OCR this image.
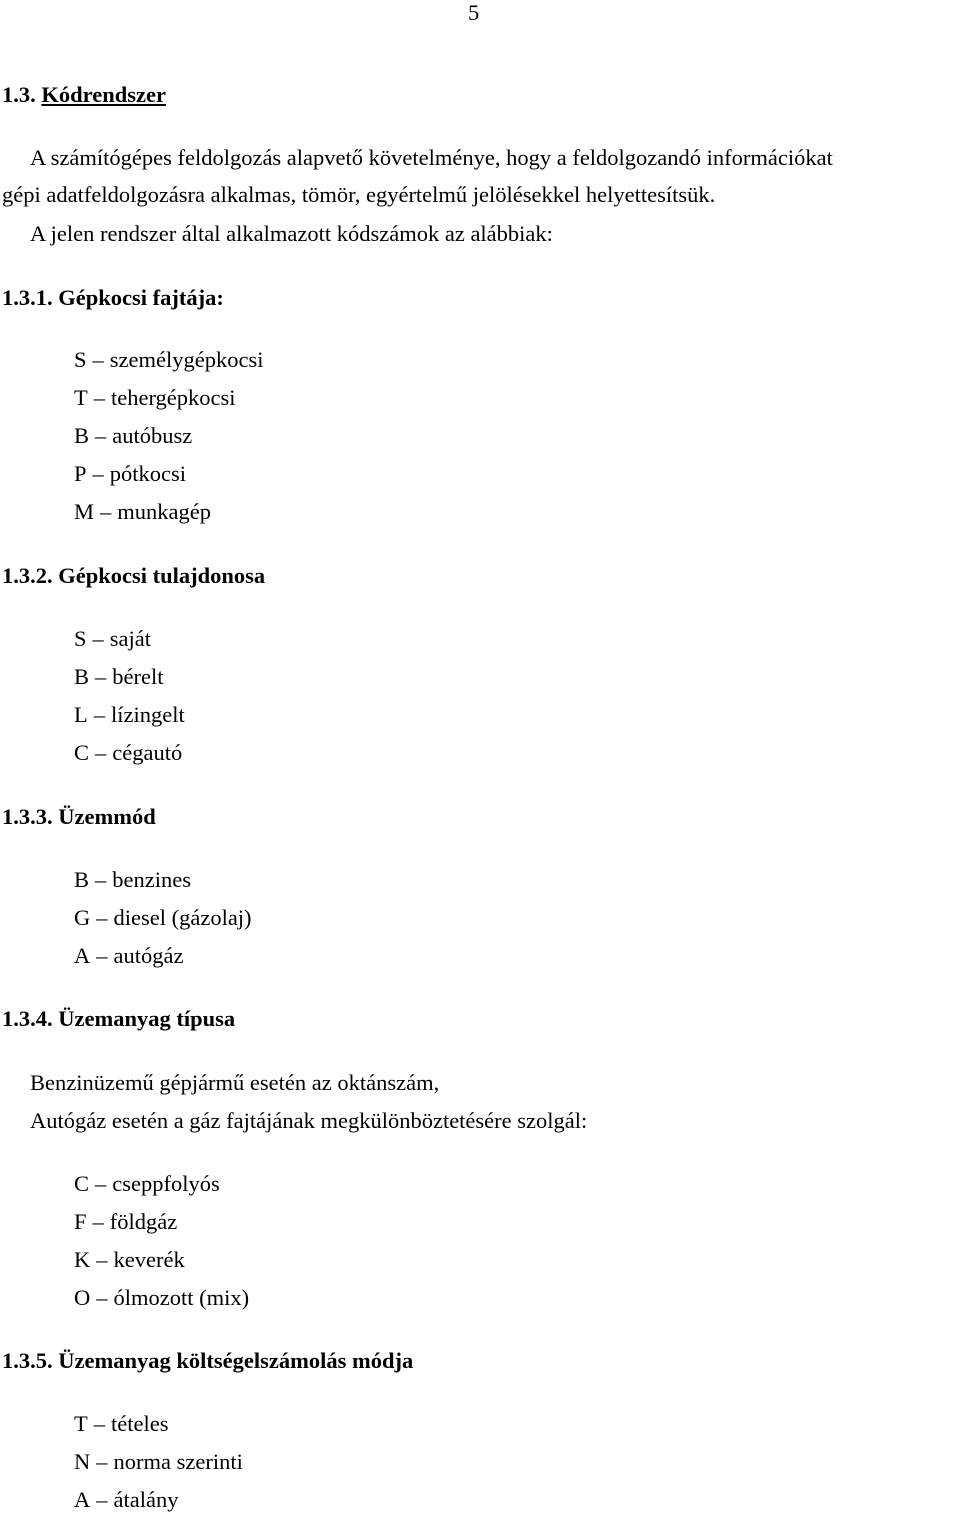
5
1.3. Kódrendszer
A számítógépes feldolgozás alapvető követelménye, hogy a feldolgozandó információkat
gépi adatfeldolgozásra alkalmas, tömör, egyértelmű jelölésekkel helyettesítsük.
A jelen rendszer által alkalmazott kódszámok az alábbiak:
1.3.1. Gépkocsi fajtája:
S – személygépkocsi
T – tehergépkocsi
B – autóbusz
P – pótkocsi
M – munkagép
1.3.2. Gépkocsi tulajdonosa
S – saját
B – bérelt
L – lízingelt
C – cégautó
1.3.3. Üzemmód
B – benzines
G – diesel (gázolaj)
A – autógáz
1.3.4. Üzemanyag típusa
Benzinüzemű gépjármű esetén az oktánszám,
Autógáz esetén a gáz fajtájának megkülönböztetésére szolgál:
C – cseppfolyós
F – földgáz
K – keverék
O – ólmozott (mix)
1.3.5. Üzemanyag költségelszámolás módja
T – tételes
N – norma szerinti
A – átalány
